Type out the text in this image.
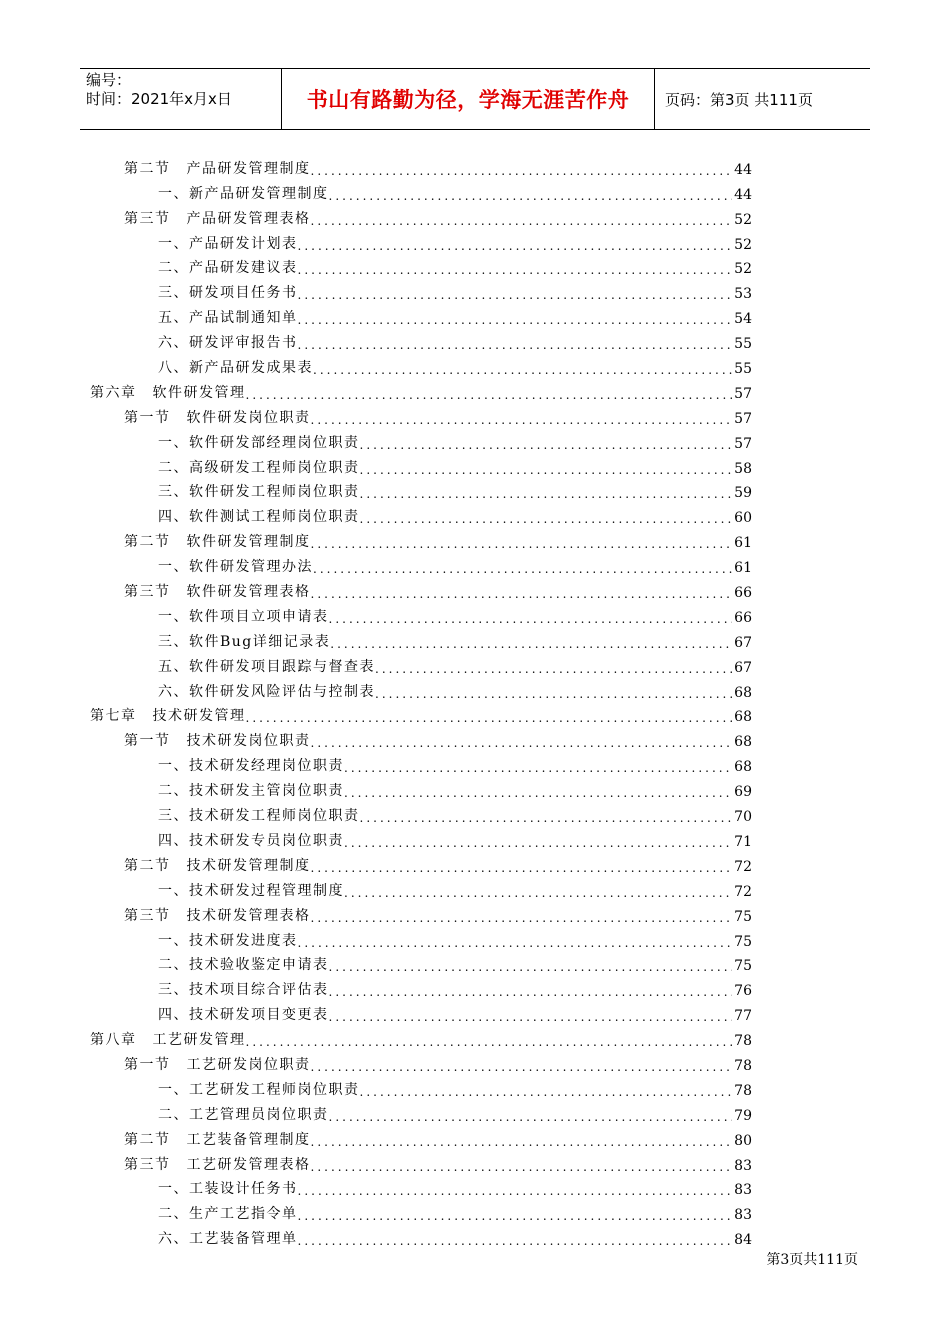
编号：
时间：2021年x月x日	书山有路勤为径，学海无涯苦作舟	页码：第3页 共111页
第二节 产品研发管理制度 .....	44
一、新产品研发管理制度 .....	44
第三节 产品研发管理表格 .....	52
一、产品研发计划表 .....	52
二、产品研发建议表 .....	52
三、研发项目任务书 .....	53
五、产品试制通知单 .....	54
六、研发评审报告书 .....	55
八、新产品研发成果表 .....	55
第六章 软件研发管理 .....	57
第一节 软件研发岗位职责 .....	57
一、软件研发部经理岗位职责 .....	57
二、高级研发工程师岗位职责 .....	58
三、软件研发工程师岗位职责 .....	59
四、软件测试工程师岗位职责 .....	60
第二节 软件研发管理制度 .....	61
一、软件研发管理办法 .....	61
第三节 软件研发管理表格 .....	66
一、软件项目立项申请表 .....	66
三、软件Bug详细记录表 .....	67
五、软件研发项目跟踪与督查表 .....	67
六、软件研发风险评估与控制表 .....	68
第七章 技术研发管理 .....	68
第一节 技术研发岗位职责 .....	68
一、技术研发经理岗位职责 .....	68
二、技术研发主管岗位职责 .....	69
三、技术研发工程师岗位职责 .....	70
四、技术研发专员岗位职责 .....	71
第二节 技术研发管理制度 .....	72
一、技术研发过程管理制度 .....	72
第三节 技术研发管理表格 .....	75
一、技术研发进度表 .....	75
二、技术验收鉴定申请表 .....	75
三、技术项目综合评估表 .....	76
四、技术研发项目变更表 .....	77
第八章 工艺研发管理 .....	78
第一节 工艺研发岗位职责 .....	78
一、工艺研发工程师岗位职责 .....	78
二、工艺管理员岗位职责 .....	79
第二节 工艺装备管理制度 .....	80
第三节 工艺研发管理表格 .....	83
一、工装设计任务书 .....	83
二、生产工艺指令单 .....	83
六、工艺装备管理单 .....	84
第3页共111页
